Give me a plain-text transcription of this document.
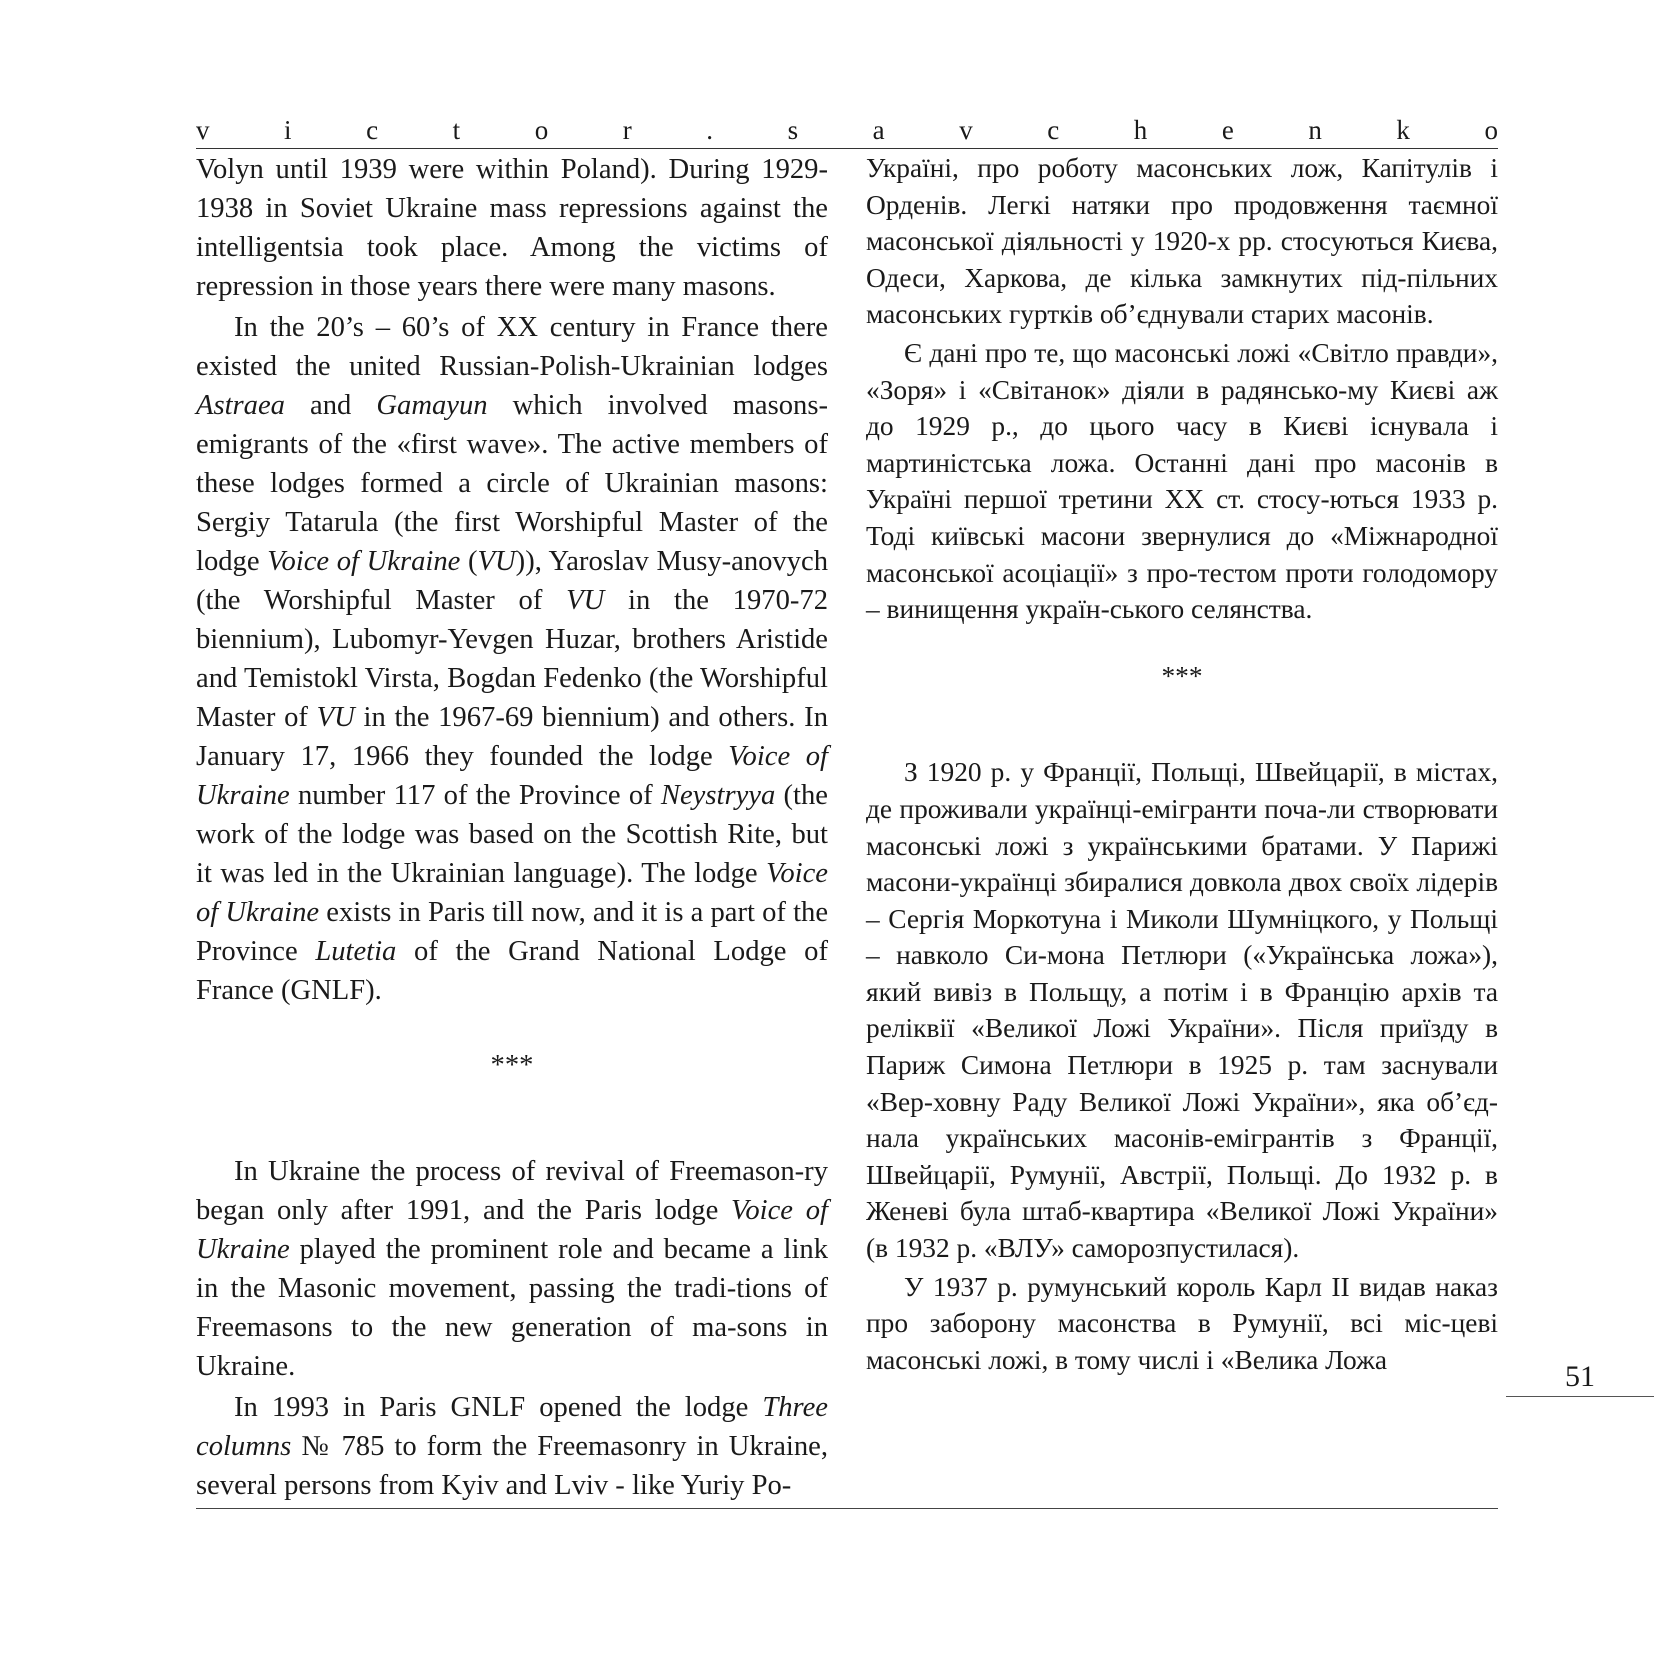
v	i	c	t	o	r	.	s	a	v	c	h	e	n	k	o

Volyn until 1939 were within Poland). During 1929-1938 in Soviet Ukraine mass repressions against the intelligentsia took place. Among the victims of repression in those years there were many masons.

In the 20’s – 60’s of XX century in France there existed the united Russian-Polish-Ukrainian lodges Astraea and Gamayun which involved masons-emigrants of the «first wave». The active members of these lodges formed a circle of Ukrainian masons: Sergiy Tatarula (the first Worshipful Master of the lodge Voice of Ukraine (VU)), Yaroslav Musy-anovych (the Worshipful Master of VU in the 1970-72 biennium), Lubomyr-Yevgen Huzar, brothers Aristide and Temistokl Virsta, Bogdan Fedenko (the Worshipful Master of VU in the 1967-69 biennium) and others. In January 17, 1966 they founded the lodge Voice of Ukraine number 117 of the Province of Neystryya (the work of the lodge was based on the Scottish Rite, but it was led in the Ukrainian language). The lodge Voice of Ukraine exists in Paris till now, and it is a part of the Province Lutetia of the Grand National Lodge of France (GNLF).

***

In Ukraine the process of revival of Freemason-ry began only after 1991, and the Paris lodge Voice of Ukraine played the prominent role and became a link in the Masonic movement, passing the tradi-tions of Freemasons to the new generation of ma-sons in Ukraine.

In 1993 in Paris GNLF opened the lodge Three columns № 785 to form the Freemasonry in Ukraine, several persons from Kyiv and Lviv - like Yuriy Po-

Україні, про роботу масонських лож, Капітулів і Орденів. Легкі натяки про продовження таємної масонської діяльності у 1920-х рр. стосуються Києва, Одеси, Харкова, де кілька замкнутих під-пільних масонських гуртків об’єднували старих масонів.

Є дані про те, що масонські ложі «Світло правди», «Зоря» і «Світанок» діяли в радянсько-му Києві аж до 1929 р., до цього часу в Києві існувала і мартиністська ложа. Останні дані про масонів в Україні першої третини ХХ ст. стосу-ються 1933 р. Тоді київські масони звернулися до «Міжнародної масонської асоціації» з про-тестом проти голодомору – винищення україн-ського селянства.

***

З 1920 р. у Франції, Польщі, Швейцарії, в містах, де проживали українці-емігранти поча-ли створювати масонські ложі з українськими братами. У Парижі масони-українці збиралися довкола двох своїх лідерів – Сергія Моркотуна і Миколи Шумніцкого, у Польщі – навколо Си-мона Петлюри («Українська ложа»), який вивіз в Польщу, а потім і в Францію архів та реліквії «Великої Ложі України». Після приїзду в Париж Симона Петлюри в 1925 р. там заснували «Вер-ховну Раду Великої Ложі України», яка об’єд-нала українських масонів-емігрантів з Франції, Швейцарії, Румунії, Австрії, Польщі. До 1932 р. в Женеві була штаб-квартира «Великої Ложі України» (в 1932 р. «ВЛУ» саморозпустилася).

У 1937 р. румунський король Карл II видав наказ про заборону масонства в Румунії, всі міс-цеві масонські ложі, в тому числі і «Велика Ложа

51
